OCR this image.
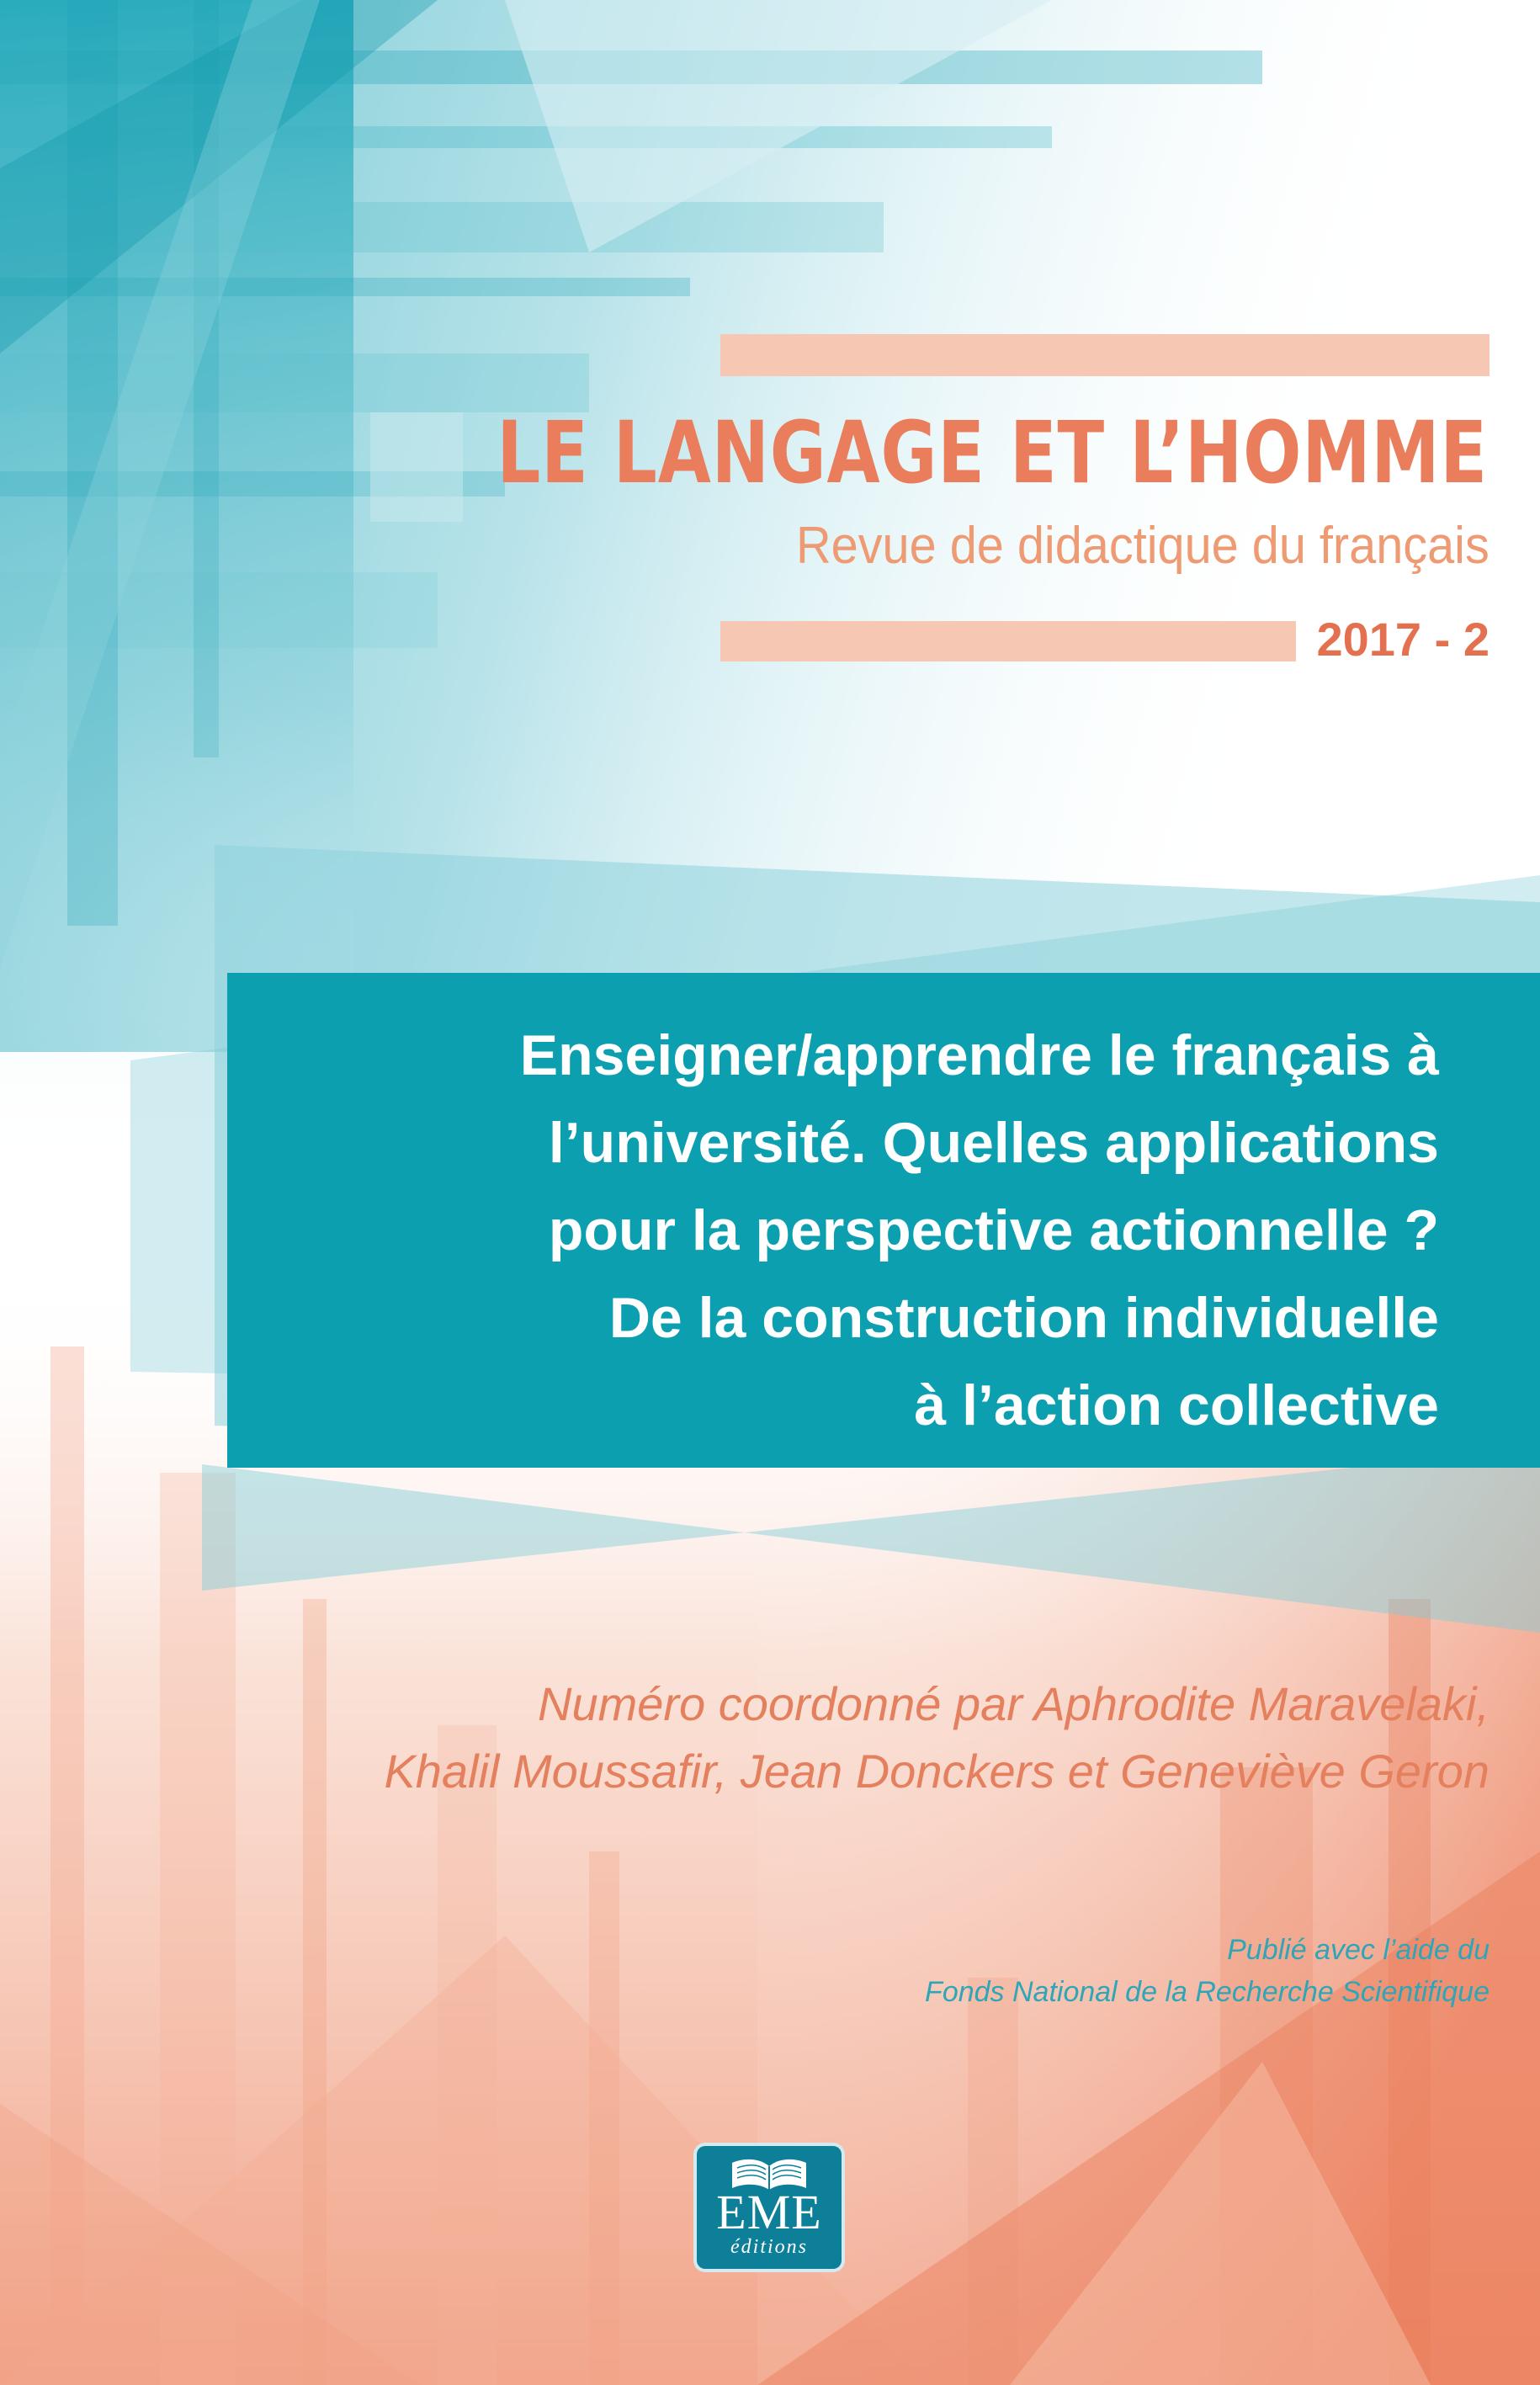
LE LANGAGE ET L’HOMME

Revue de didactique du français

2017 - 2

Enseigner/apprendre le français à
l’université. Quelles applications
pour la perspective actionnelle ?
De la construction individuelle
à l’action collective

Numéro coordonné par Aphrodite Maravelaki,
Khalil Moussafir, Jean Donckers et Geneviève Geron

Publié avec l’aide du
Fonds National de la Recherche Scientifique

EME
éditions
